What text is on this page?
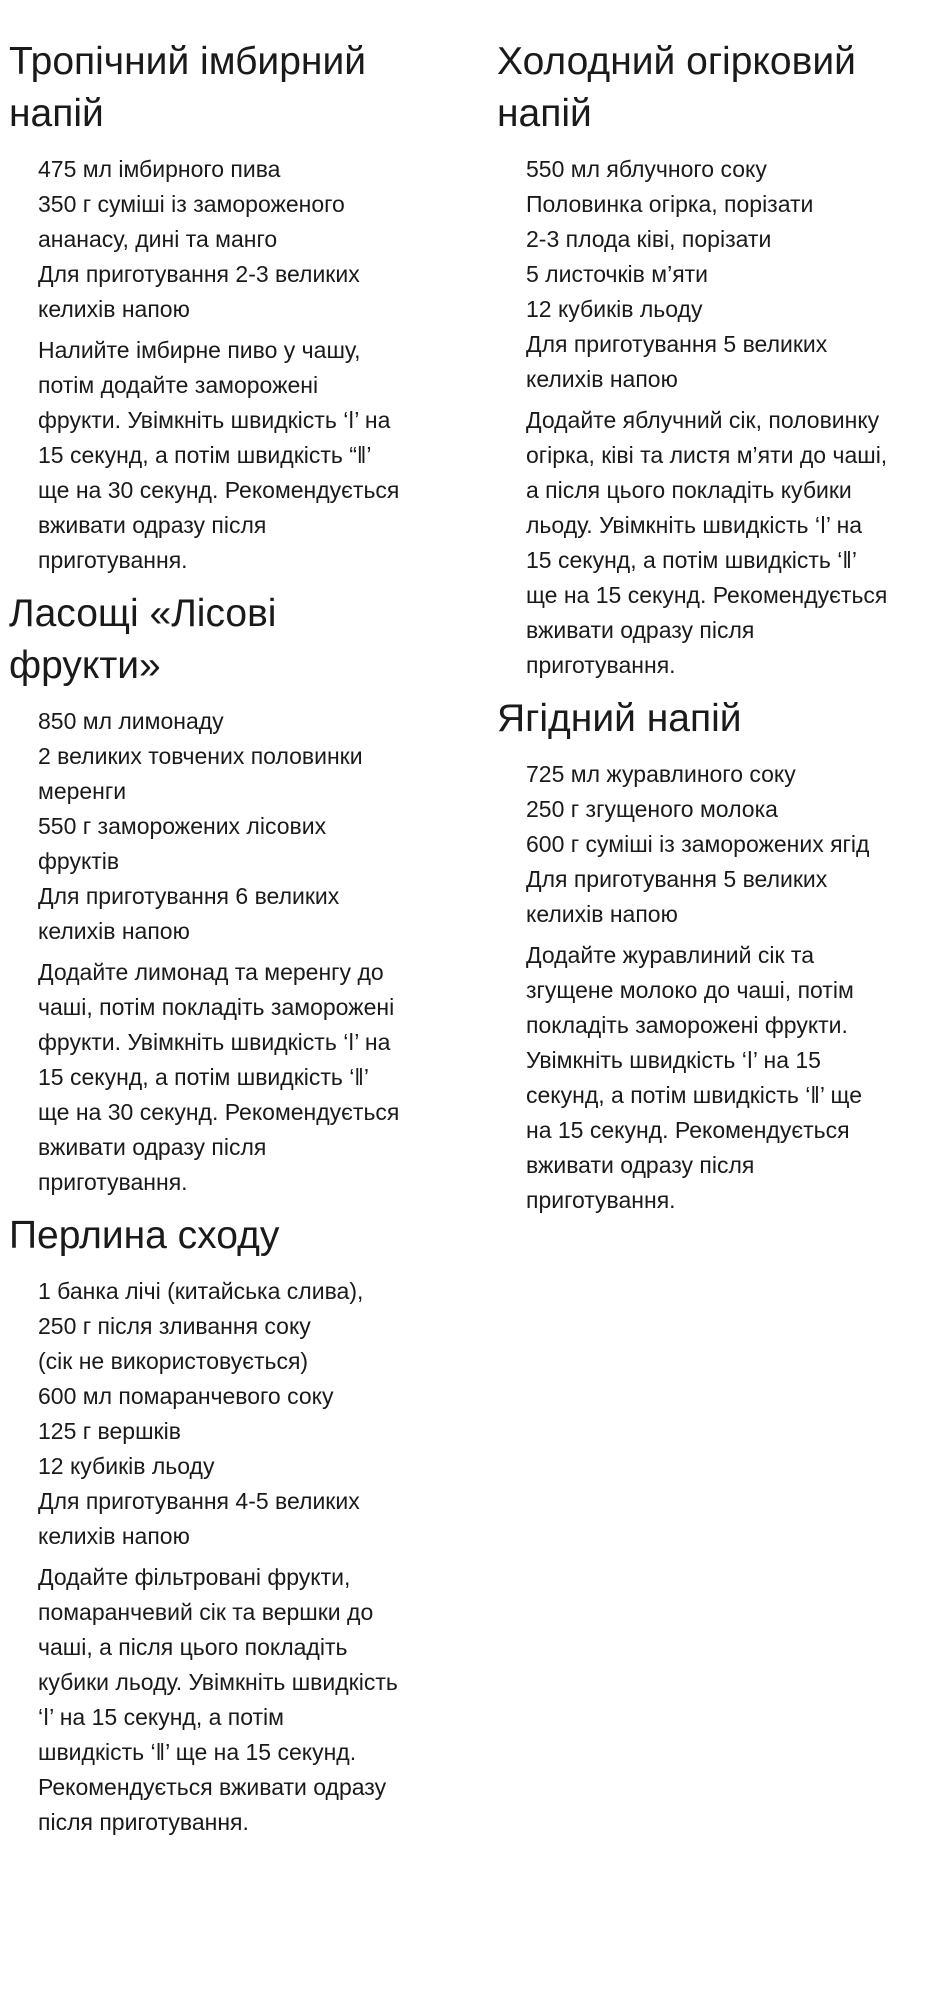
Тропічний імбирний
напій
475 мл імбирного пива
350 г суміші із замороженого
ананасу, дині та манго
Для приготування 2-3 великих
келихів напою

Налийте імбирне пиво у чашу,
потім додайте заморожені
фрукти. Увімкніть швидкість ‘ǀ’ на
15 секунд, а потім швидкість “ǁ’
ще на 30 секунд. Рекомендується
вживати одразу після
приготування.

Ласощі «Лісові
фрукти»
850 мл лимонаду
2 великих товчених половинки
меренги
550 г заморожених лісових
фруктів
Для приготування 6 великих
келихів напою

Додайте лимонад та меренгу до
чаші, потім покладіть заморожені
фрукти. Увімкніть швидкість ‘ǀ’ на
15 секунд, а потім швидкість ‘ǁ’
ще на 30 секунд. Рекомендується
вживати одразу після
приготування.

Перлина сходу
1 банка лічі (китайська слива),
250 г після зливання соку
(сік не використовується)
600 мл помаранчевого соку
125 г вершків
12 кубиків льоду
Для приготування 4-5 великих
келихів напою

Додайте фільтровані фрукти,
помаранчевий сік та вершки до
чаші, а після цього покладіть
кубики льоду. Увімкніть швидкість
‘ǀ’ на 15 секунд, а потім
швидкість ‘ǁ’ ще на 15 секунд.
Рекомендується вживати одразу
після приготування.

Холодний огірковий
напій
550 мл яблучного соку
Половинка огірка, порізати
2-3 плода ківі, порізати
5 листочків м’яти
12 кубиків льоду
Для приготування 5 великих
келихів напою

Додайте яблучний сік, половинку
огірка, ківі та листя м’яти до чаші,
а після цього покладіть кубики
льоду. Увімкніть швидкість ‘ǀ’ на
15 секунд, а потім швидкість ‘ǁ’
ще на 15 секунд. Рекомендується
вживати одразу після
приготування.

Ягідний напій
725 мл журавлиного соку
250 г згущеного молока
600 г суміші із заморожених ягід
Для приготування 5 великих
келихів напою

Додайте журавлиний сік та
згущене молоко до чаші, потім
покладіть заморожені фрукти.
Увімкніть швидкість ‘ǀ’ на 15
секунд, а потім швидкість ‘ǁ’ ще
на 15 секунд. Рекомендується
вживати одразу після
приготування.
